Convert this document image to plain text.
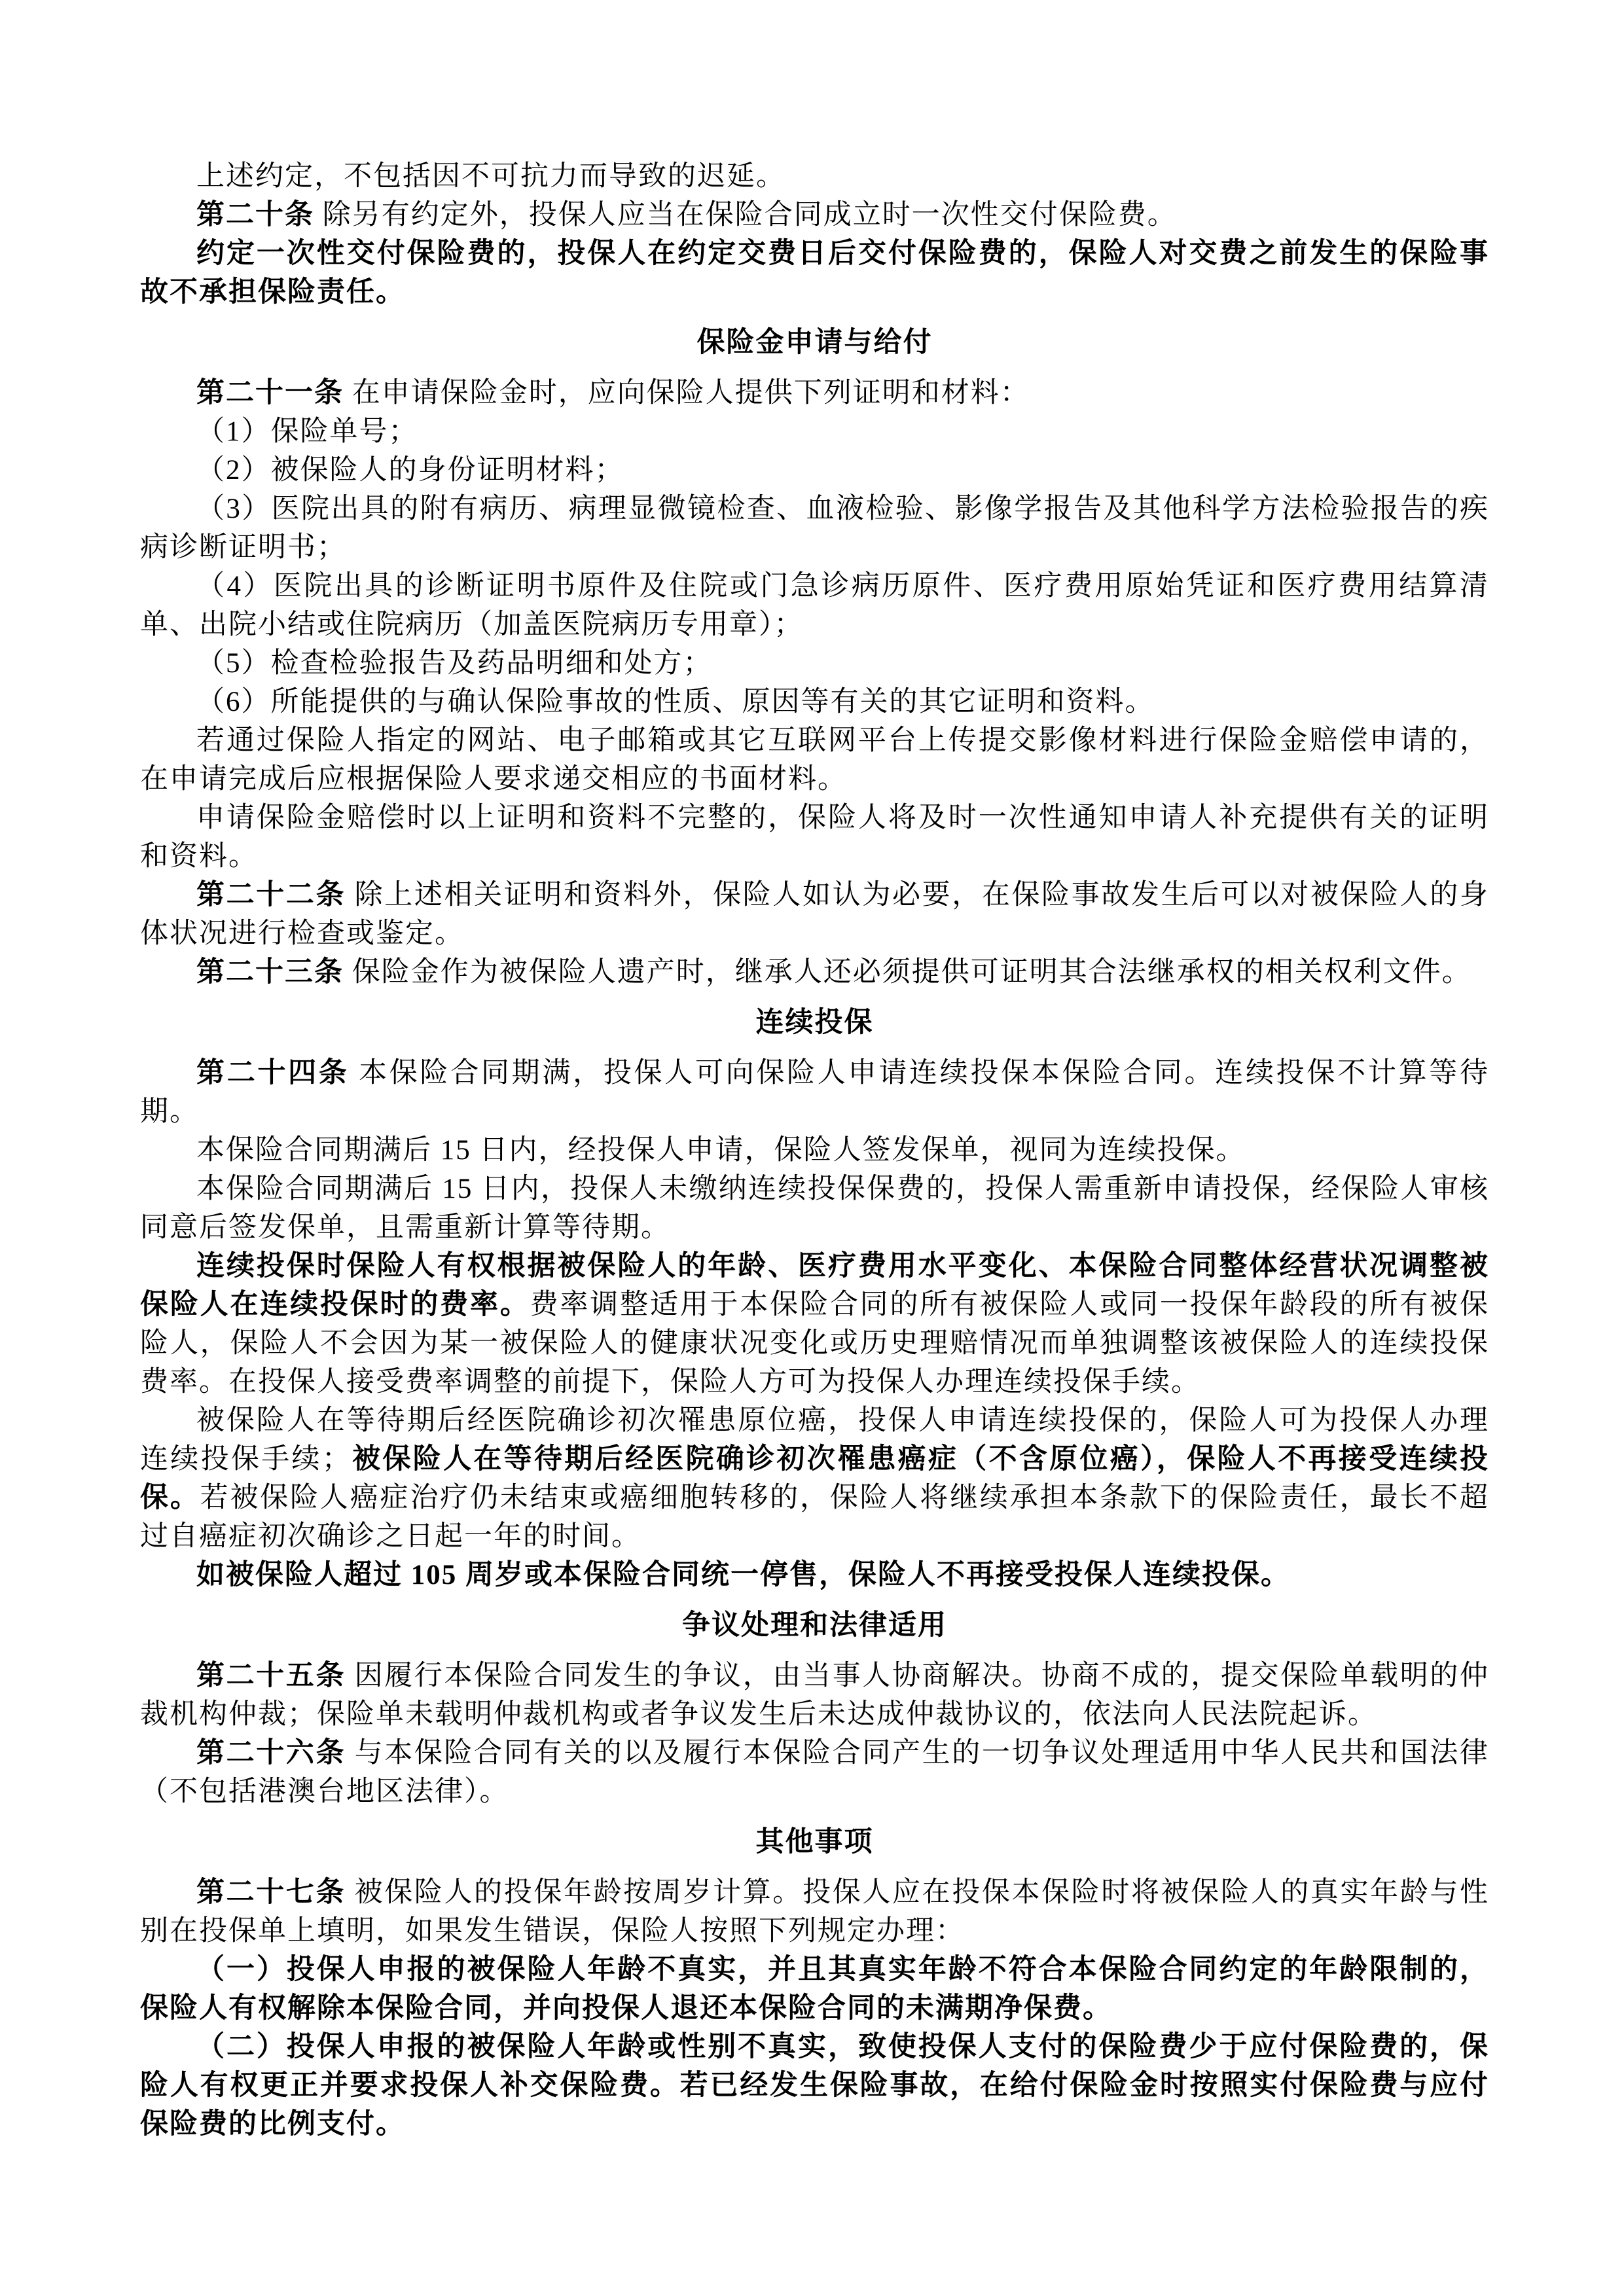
上述约定，不包括因不可抗力而导致的迟延。

第二十条 除另有约定外，投保人应当在保险合同成立时一次性交付保险费。

约定一次性交付保险费的，投保人在约定交费日后交付保险费的，保险人对交费之前发生的保险事故不承担保险责任。

保险金申请与给付

第二十一条 在申请保险金时，应向保险人提供下列证明和材料：

（1）保险单号；

（2）被保险人的身份证明材料；

（3）医院出具的附有病历、病理显微镜检查、血液检验、影像学报告及其他科学方法检验报告的疾病诊断证明书；

（4）医院出具的诊断证明书原件及住院或门急诊病历原件、医疗费用原始凭证和医疗费用结算清单、出院小结或住院病历（加盖医院病历专用章）；

（5）检查检验报告及药品明细和处方；

（6）所能提供的与确认保险事故的性质、原因等有关的其它证明和资料。

若通过保险人指定的网站、电子邮箱或其它互联网平台上传提交影像材料进行保险金赔偿申请的，在申请完成后应根据保险人要求递交相应的书面材料。

申请保险金赔偿时以上证明和资料不完整的，保险人将及时一次性通知申请人补充提供有关的证明和资料。

第二十二条 除上述相关证明和资料外，保险人如认为必要，在保险事故发生后可以对被保险人的身体状况进行检查或鉴定。

第二十三条 保险金作为被保险人遗产时，继承人还必须提供可证明其合法继承权的相关权利文件。

连续投保

第二十四条 本保险合同期满，投保人可向保险人申请连续投保本保险合同。连续投保不计算等待期。

本保险合同期满后 15 日内，经投保人申请，保险人签发保单，视同为连续投保。

本保险合同期满后 15 日内，投保人未缴纳连续投保保费的，投保人需重新申请投保，经保险人审核同意后签发保单，且需重新计算等待期。

连续投保时保险人有权根据被保险人的年龄、医疗费用水平变化、本保险合同整体经营状况调整被保险人在连续投保时的费率。费率调整适用于本保险合同的所有被保险人或同一投保年龄段的所有被保险人，保险人不会因为某一被保险人的健康状况变化或历史理赔情况而单独调整该被保险人的连续投保费率。在投保人接受费率调整的前提下，保险人方可为投保人办理连续投保手续。

被保险人在等待期后经医院确诊初次罹患原位癌，投保人申请连续投保的，保险人可为投保人办理连续投保手续；被保险人在等待期后经医院确诊初次罹患癌症（不含原位癌），保险人不再接受连续投保。若被保险人癌症治疗仍未结束或癌细胞转移的，保险人将继续承担本条款下的保险责任，最长不超过自癌症初次确诊之日起一年的时间。

如被保险人超过 105 周岁或本保险合同统一停售，保险人不再接受投保人连续投保。

争议处理和法律适用

第二十五条 因履行本保险合同发生的争议，由当事人协商解决。协商不成的，提交保险单载明的仲裁机构仲裁；保险单未载明仲裁机构或者争议发生后未达成仲裁协议的，依法向人民法院起诉。

第二十六条 与本保险合同有关的以及履行本保险合同产生的一切争议处理适用中华人民共和国法律（不包括港澳台地区法律）。

其他事项

第二十七条 被保险人的投保年龄按周岁计算。投保人应在投保本保险时将被保险人的真实年龄与性别在投保单上填明，如果发生错误，保险人按照下列规定办理：

（一）投保人申报的被保险人年龄不真实，并且其真实年龄不符合本保险合同约定的年龄限制的，保险人有权解除本保险合同，并向投保人退还本保险合同的未满期净保费。

（二）投保人申报的被保险人年龄或性别不真实，致使投保人支付的保险费少于应付保险费的，保险人有权更正并要求投保人补交保险费。若已经发生保险事故，在给付保险金时按照实付保险费与应付保险费的比例支付。
